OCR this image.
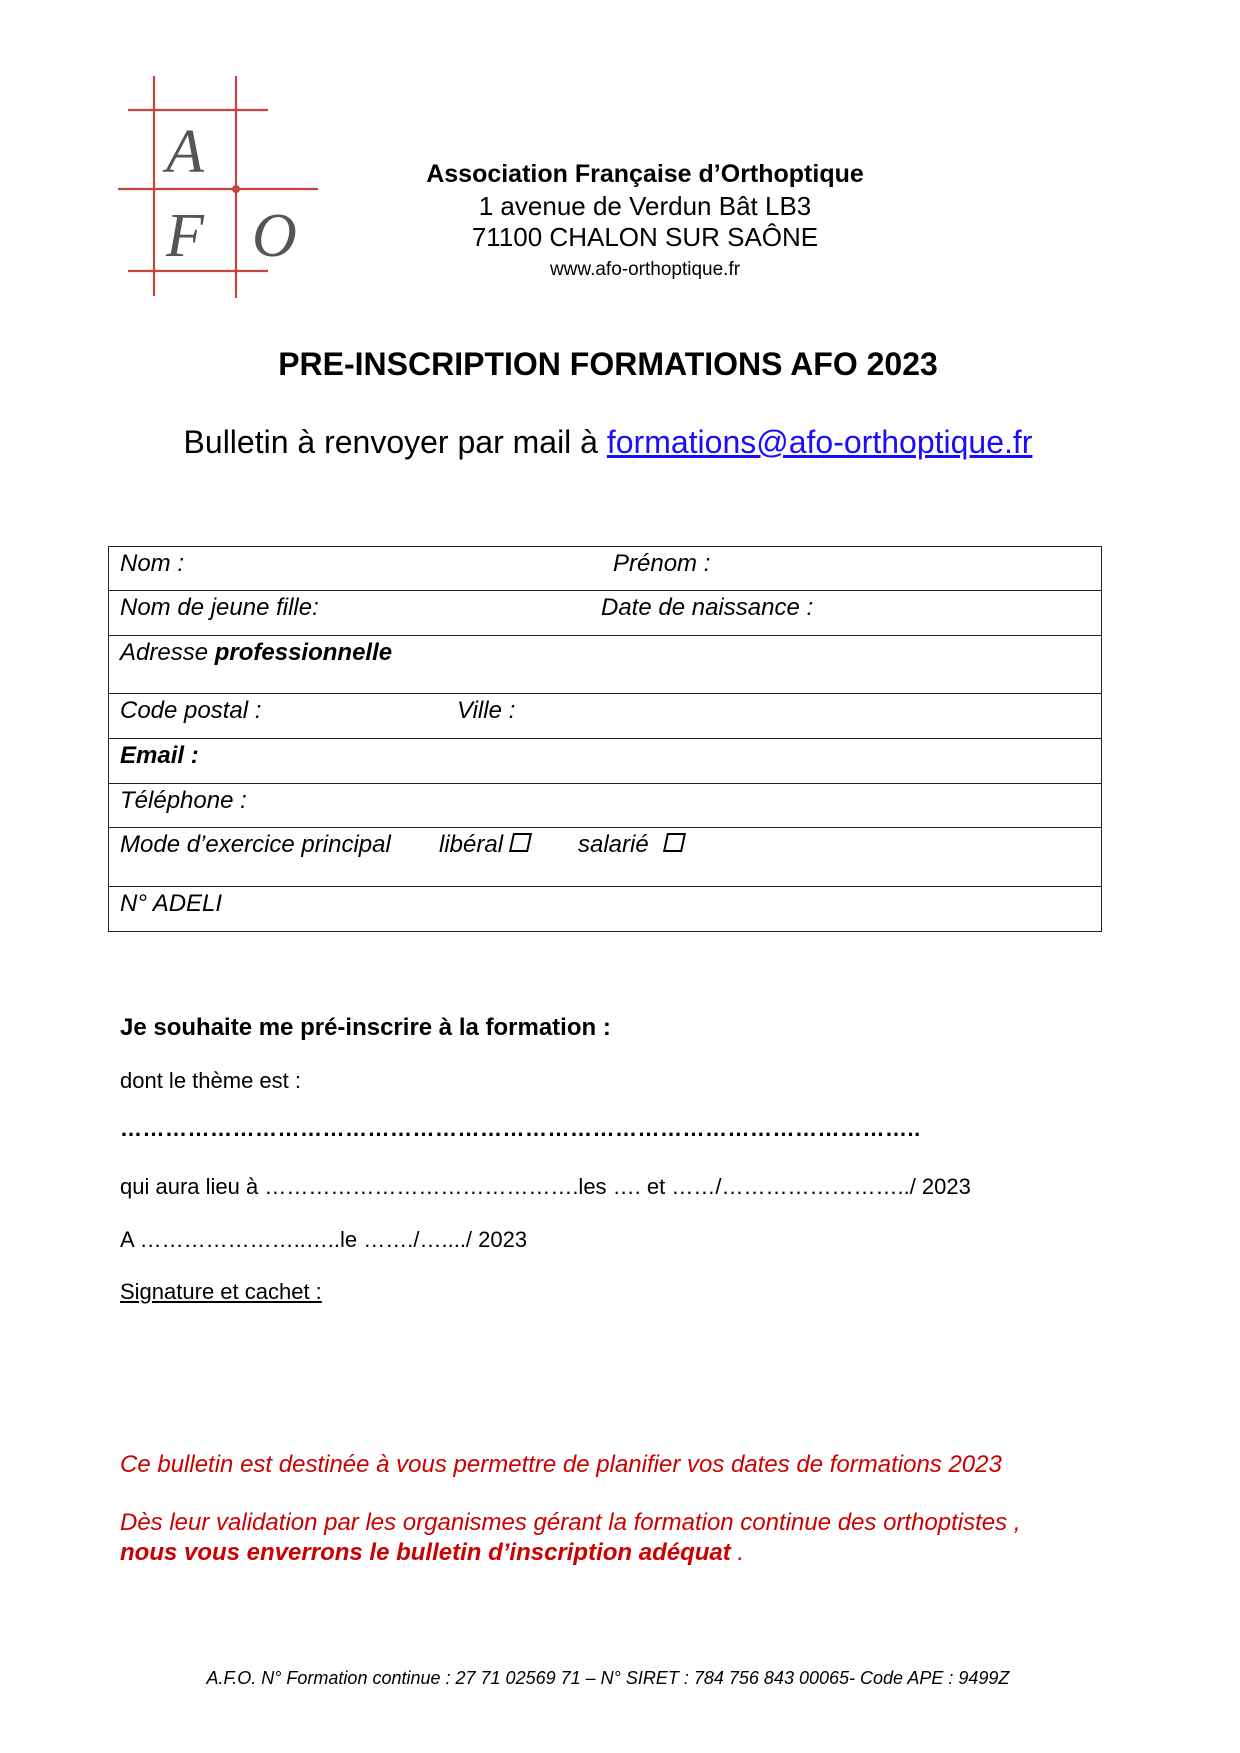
A
F O
Association Française d’Orthoptique
1 avenue de Verdun Bât LB3
71100 CHALON SUR SAÔNE
www.afo-orthoptique.fr
PRE-INSCRIPTION FORMATIONS AFO 2023
Bulletin à renvoyer par mail à formations@afo-orthoptique.fr
Nom :	Prénom :
Nom de jeune fille:	Date de naissance :
Adresse professionnelle
Code postal :	Ville :
Email :
Téléphone :
Mode d’exercice principal libéral	salarié
N° ADELI
Je souhaite me pré-inscrire à la formation :
dont le thème est :
……………………………………………………………………………………………..
qui aura lieu à …………………………………….les …. et ……/……………………../ 2023
A …………………..…..le ……./…..../ 2023
Signature et cachet :
Ce bulletin est destinée à vous permettre de planifier vos dates de formations 2023
Dès leur validation par les organismes gérant la formation continue des orthoptistes ,
nous vous enverrons le bulletin d’inscription adéquat .
A.F.O. N° Formation continue : 27 71 02569 71 – N° SIRET : 784 756 843 00065- Code APE : 9499Z
